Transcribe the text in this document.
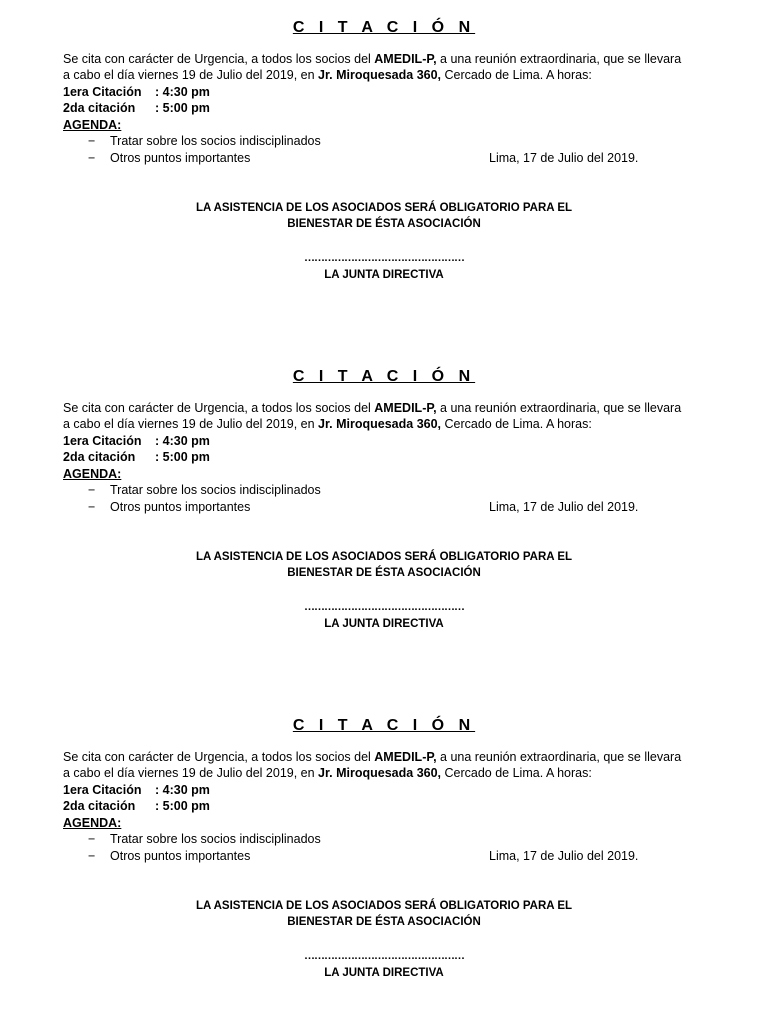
C I T A C I Ó N
Se cita con carácter de Urgencia, a todos los socios del AMEDIL-P, a una reunión extraordinaria, que se llevara
a cabo el día viernes 19 de Julio del 2019, en Jr. Miroquesada 360, Cercado de Lima. A horas:
1era Citación : 4:30 pm
2da citación : 5:00 pm
AGENDA:
− Tratar sobre los socios indisciplinados
− Otros puntos importantes	Lima, 17 de Julio del 2019.
LA ASISTENCIA DE LOS ASOCIADOS SERÁ OBLIGATORIO PARA EL
BIENESTAR DE ÉSTA ASOCIACIÓN
…………………………………………
LA JUNTA DIRECTIVA
C I T A C I Ó N
Se cita con carácter de Urgencia, a todos los socios del AMEDIL-P, a una reunión extraordinaria, que se llevara
a cabo el día viernes 19 de Julio del 2019, en Jr. Miroquesada 360, Cercado de Lima. A horas:
1era Citación : 4:30 pm
2da citación : 5:00 pm
AGENDA:
− Tratar sobre los socios indisciplinados
− Otros puntos importantes	Lima, 17 de Julio del 2019.
LA ASISTENCIA DE LOS ASOCIADOS SERÁ OBLIGATORIO PARA EL
BIENESTAR DE ÉSTA ASOCIACIÓN
…………………………………………
LA JUNTA DIRECTIVA
C I T A C I Ó N
Se cita con carácter de Urgencia, a todos los socios del AMEDIL-P, a una reunión extraordinaria, que se llevara
a cabo el día viernes 19 de Julio del 2019, en Jr. Miroquesada 360, Cercado de Lima. A horas:
1era Citación : 4:30 pm
2da citación : 5:00 pm
AGENDA:
− Tratar sobre los socios indisciplinados
− Otros puntos importantes	Lima, 17 de Julio del 2019.
LA ASISTENCIA DE LOS ASOCIADOS SERÁ OBLIGATORIO PARA EL
BIENESTAR DE ÉSTA ASOCIACIÓN
…………………………………………
LA JUNTA DIRECTIVA
